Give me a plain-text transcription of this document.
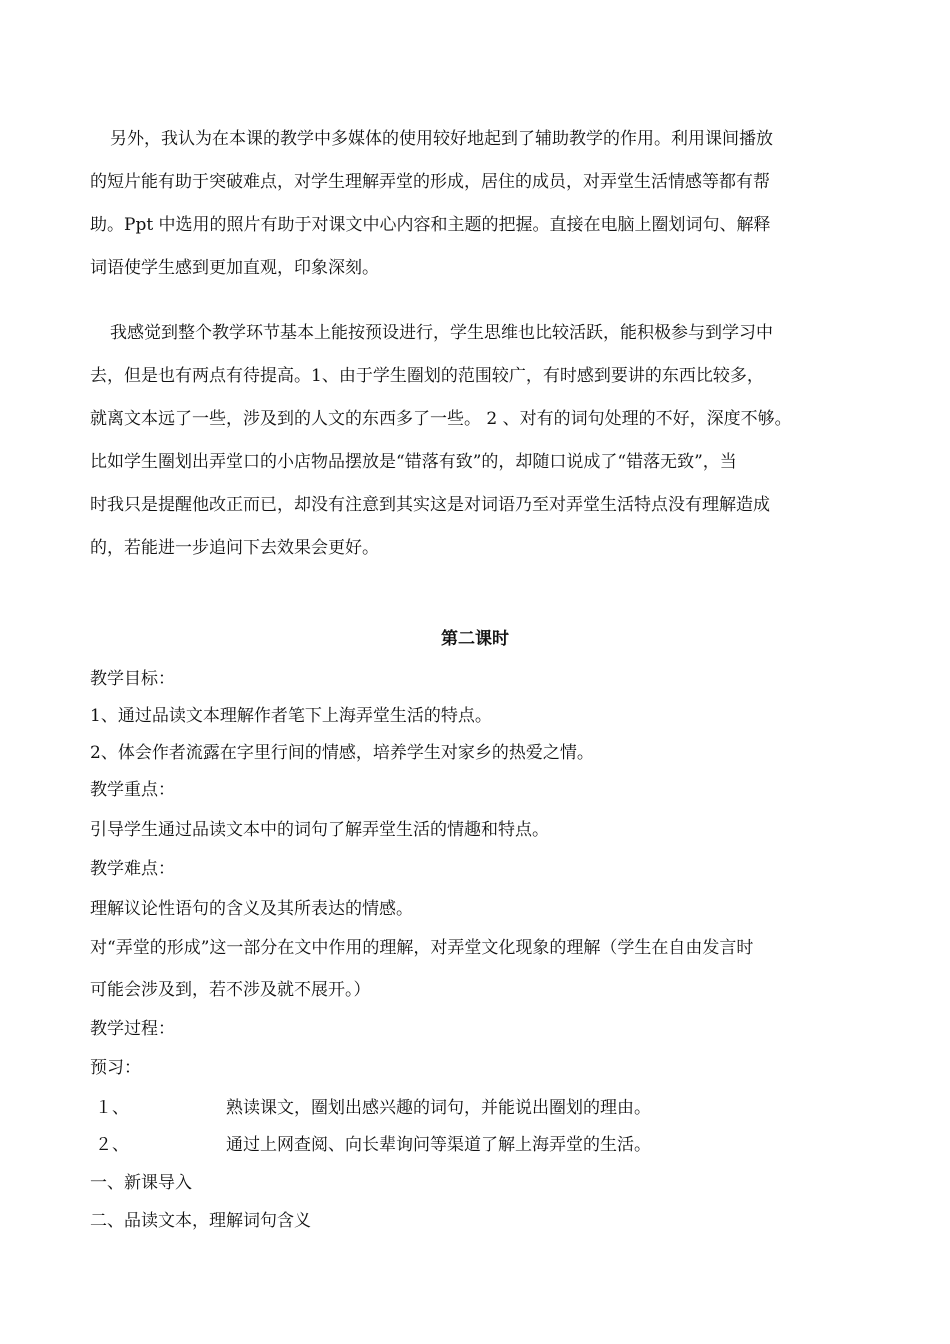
另外，我认为在本课的教学中多媒体的使用较好地起到了辅助教学的作用。利用课间播放
的短片能有助于突破难点，对学生理解弄堂的形成，居住的成员，对弄堂生活情感等都有帮
助。Ppt 中选用的照片有助于对课文中心内容和主题的把握。直接在电脑上圈划词句、解释
词语使学生感到更加直观，印象深刻。
我感觉到整个教学环节基本上能按预设进行，学生思维也比较活跃，能积极参与到学习中
去，但是也有两点有待提高。1、由于学生圈划的范围较广，有时感到要讲的东西比较多，
就离文本远了一些，涉及到的人文的东西多了一些。 2 、对有的词句处理的不好，深度不够。
比如学生圈划出弄堂口的小店物品摆放是“错落有致”的，却随口说成了“错落无致”，当
时我只是提醒他改正而已，却没有注意到其实这是对词语乃至对弄堂生活特点没有理解造成
的，若能进一步追问下去效果会更好。
第二课时
教学目标：
1、通过品读文本理解作者笔下上海弄堂生活的特点。
2、体会作者流露在字里行间的情感，培养学生对家乡的热爱之情。
教学重点：
引导学生通过品读文本中的词句了解弄堂生活的情趣和特点。
教学难点：
理解议论性语句的含义及其所表达的情感。
对“弄堂的形成”这一部分在文中作用的理解，对弄堂文化现象的理解（学生在自由发言时
可能会涉及到，若不涉及就不展开。）
教学过程：
预习：
１、	熟读课文，圈划出感兴趣的词句，并能说出圈划的理由。
２、	通过上网查阅、向长辈询问等渠道了解上海弄堂的生活。
一、新课导入
二、品读文本，理解词句含义
